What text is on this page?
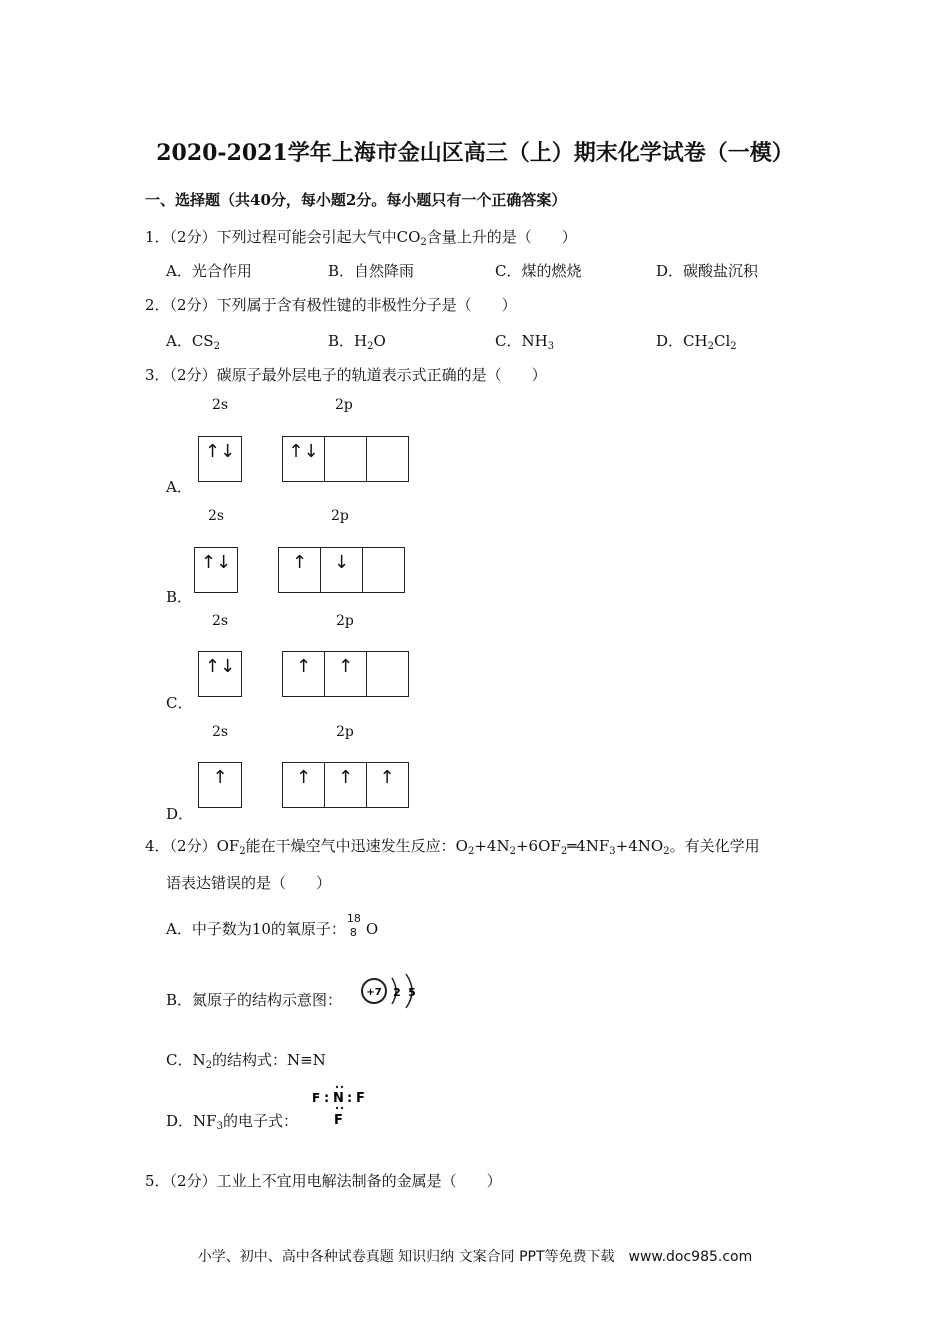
2020-2021学年上海市金山区高三（上）期末化学试卷（一模）
一、选择题（共40分，每小题2分。每小题只有一个正确答案）
1．（2分）下列过程可能会引起大气中$CO_2$含量上升的是（　　）
A．光合作用	B．自然降雨	C．煤的燃烧	D．碳酸盐沉积
2．（2分）下列属于含有极性键的非极性分子是（　　）
A．$CS_2$	B．$H_2O$	C．$NH_3$	D．$CH_2Cl_2$
3．（2分）碳原子最外层电子的轨道表示式正确的是（　　）
2s	2p
↑↓	↑↓
A．
2s	2p
↑↓	↑	↓
B．
2s	2p
↑↓	↑	↑
C．
2s	2p
↑	↑	↑	↑
D．
4．（2分）$OF_2$能在干燥空气中迅速发生反应：$O_2+4N_2+6OF_2═4NF_3+4NO_2$。有关化学用
语表达错误的是（　　）
A．中子数为10的氧原子：
18
8 O
B．氮原子的结构示意图： +7 2 5
C．$N_2$的结构式：N≡N
D．$NF_3$的电子式：
F : N : F
F
5．（2分）工业上不宜用电解法制备的金属是（　　）
小学、初中、高中各种试卷真题 知识归纳 文案合同 PPT等免费下载　www.doc985.com
